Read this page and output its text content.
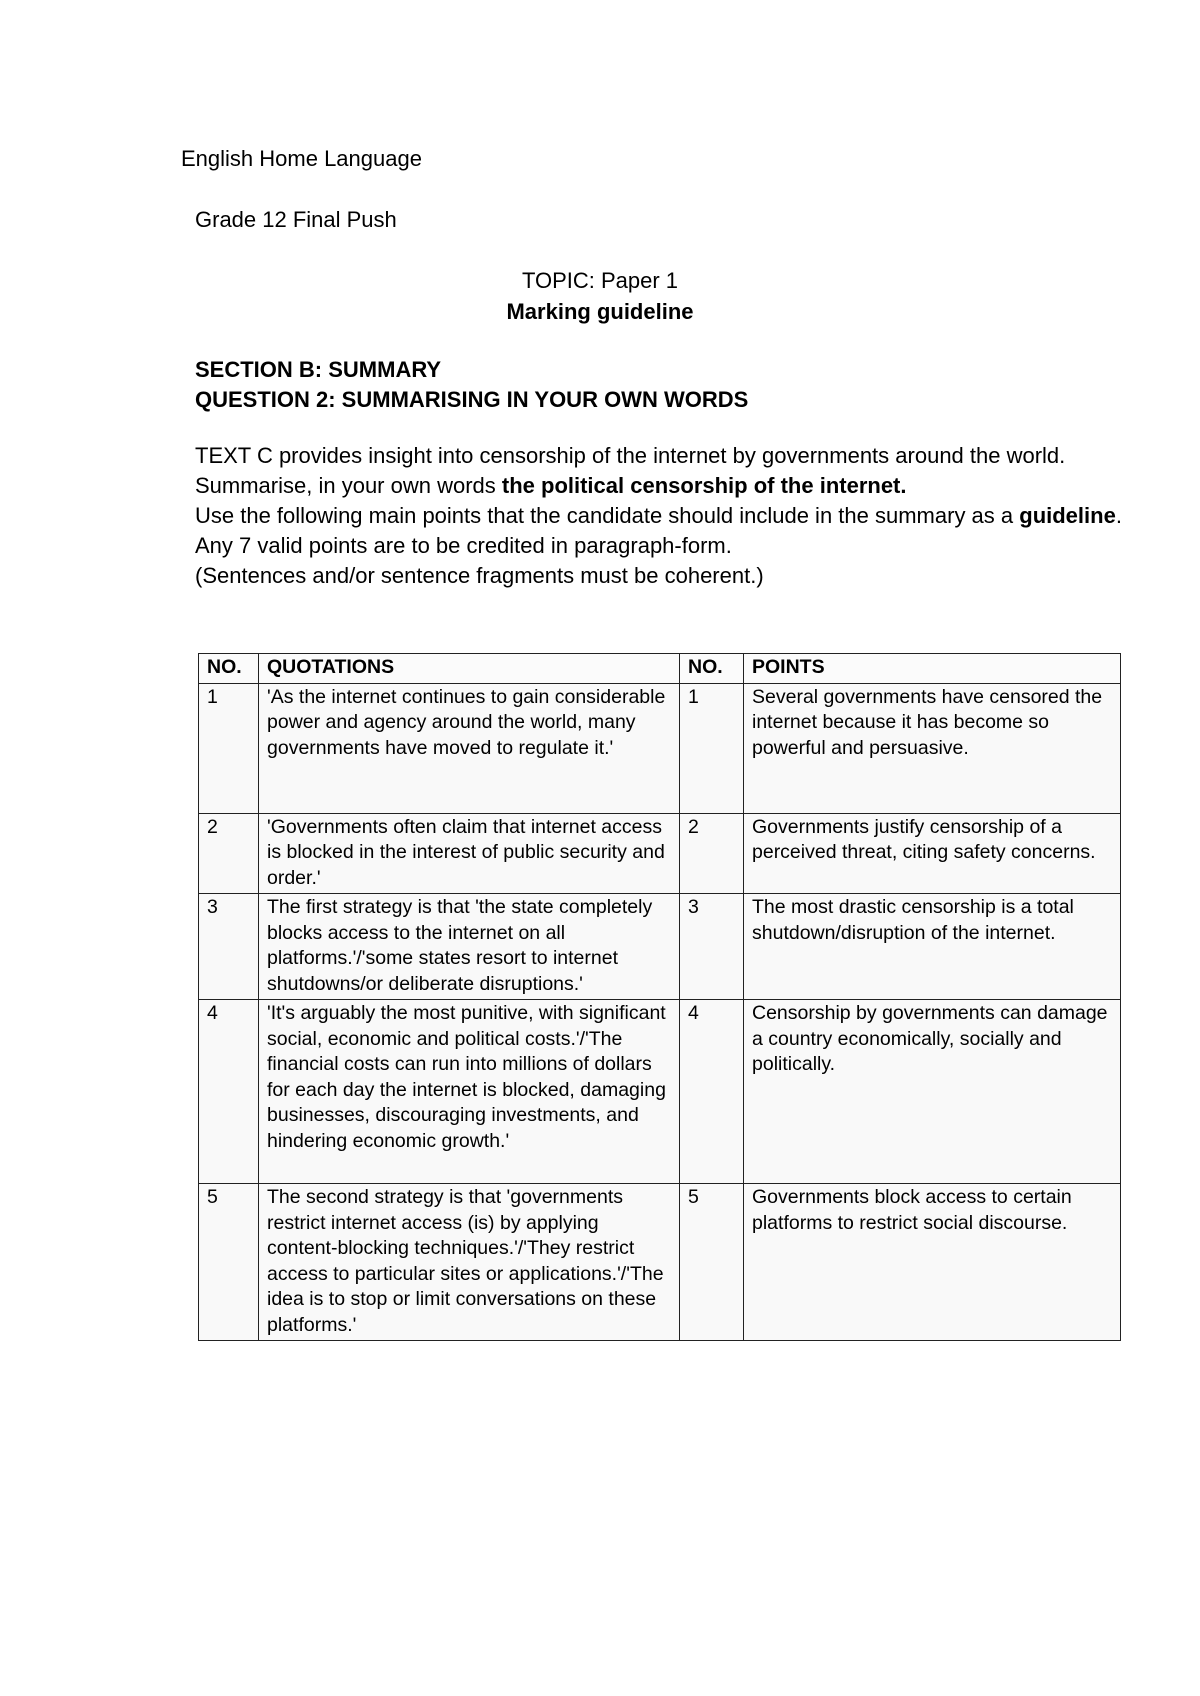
English Home Language
Grade 12 Final Push
TOPIC: Paper 1
Marking guideline
SECTION B: SUMMARY
QUESTION 2: SUMMARISING IN YOUR OWN WORDS

TEXT C provides insight into censorship of the internet by governments around the world. Summarise, in your own words the political censorship of the internet.

Use the following main points that the candidate should include in the summary as a guideline.

Any 7 valid points are to be credited in paragraph-form.

(Sentences and/or sentence fragments must be coherent.)

NO.	QUOTATIONS	NO.	POINTS
1	'As the internet continues to gain considerable power and agency around the world, many governments have moved to regulate it.'	1	Several governments have censored the internet because it has become so powerful and persuasive.
2	'Governments often claim that internet access is blocked in the interest of public security and order.'	2	Governments justify censorship of a perceived threat, citing safety concerns.
3	The first strategy is that 'the state completely blocks access to the internet on all platforms.'/'some states resort to internet shutdowns/or deliberate disruptions.'	3	The most drastic censorship is a total shutdown/disruption of the internet.
4	'It's arguably the most punitive, with significant social, economic and political costs.'/'The financial costs can run into millions of dollars for each day the internet is blocked, damaging businesses, discouraging investments, and hindering economic growth.'	4	Censorship by governments can damage a country economically, socially and politically.
5	The second strategy is that 'governments restrict internet access (is) by applying content-blocking techniques.'/'They restrict access to particular sites or applications.'/'The idea is to stop or limit conversations on these platforms.'	5	Governments block access to certain platforms to restrict social discourse.
